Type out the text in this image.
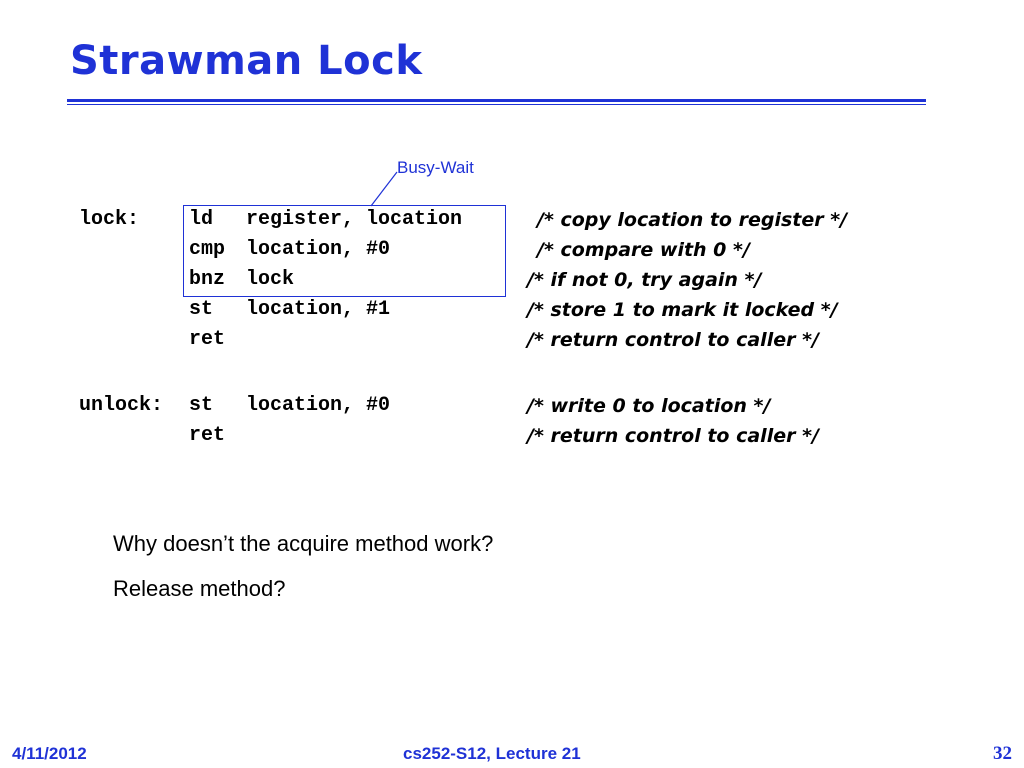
Strawman Lock
Busy-Wait
lock: ld register, location	/* copy location to register */
cmp location, #0	/* compare with 0 */
bnz lock	/* if not 0, try again */
st location, #1	/* store 1 to mark it locked */
ret	/* return control to caller */
unlock: st location, #0	/* write 0 to location */
ret	/* return control to caller */
Why doesn’t the acquire method work?
Release method?
4/11/2012	cs252-S12, Lecture 21	32
